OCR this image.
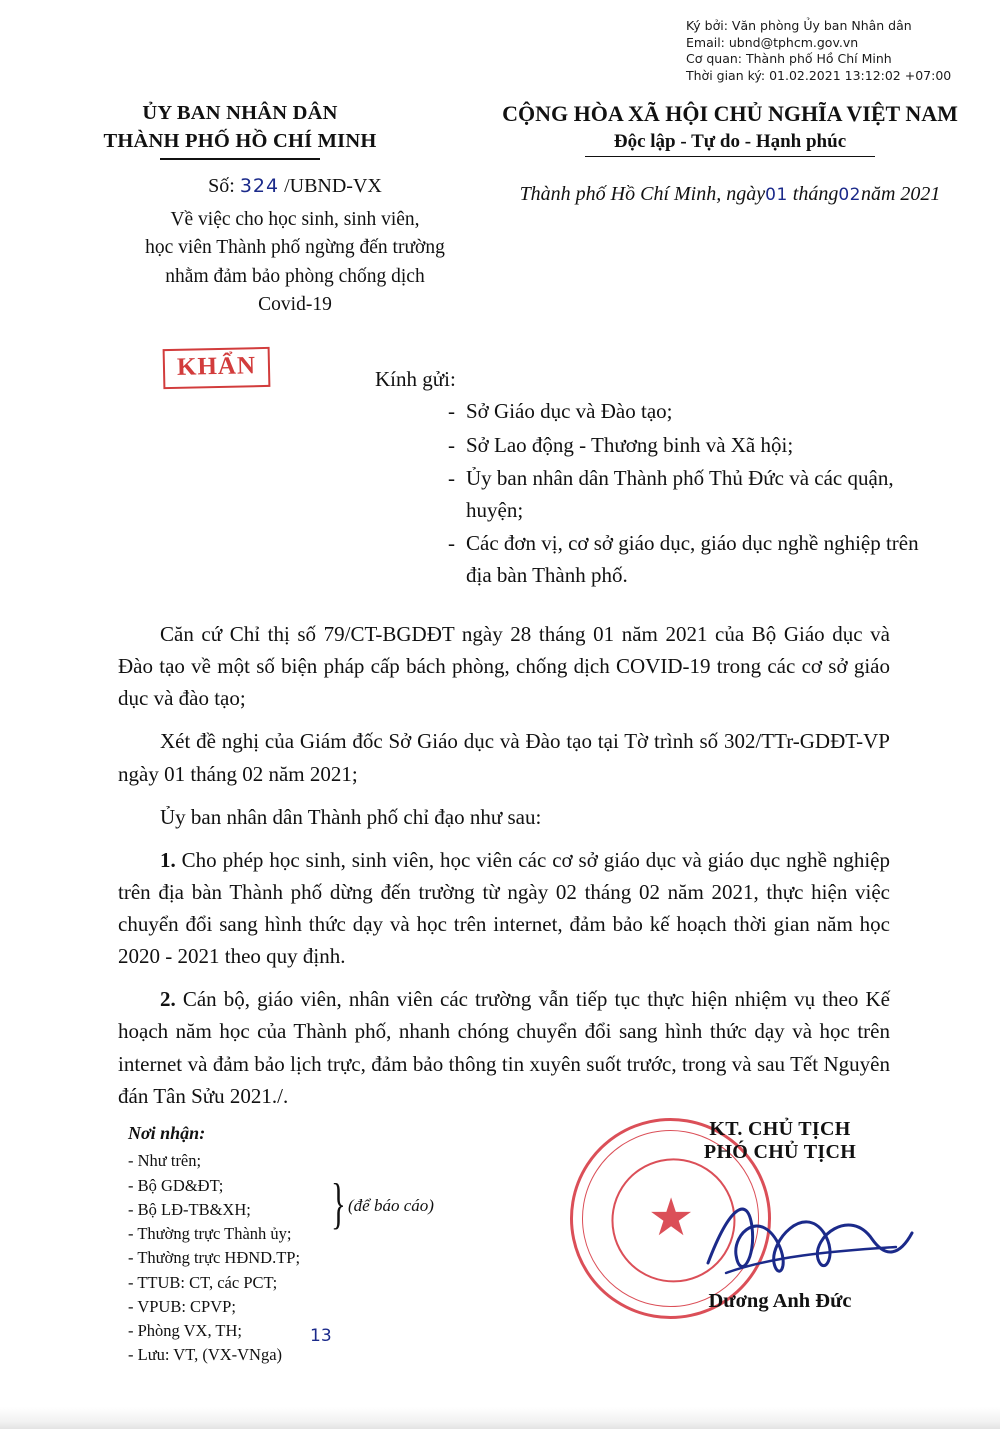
Ký bởi: Văn phòng Ủy ban Nhân dân
Email: ubnd@tphcm.gov.vn
Cơ quan: Thành phố Hồ Chí Minh
Thời gian ký: 01.02.2021 13:12:02 +07:00
ỦY BAN NHÂN DÂN
THÀNH PHỐ HỒ CHÍ MINH
CỘNG HÒA XÃ HỘI CHỦ NGHĨA VIỆT NAM
Độc lập - Tự do - Hạnh phúc
Số: 324 /UBND-VX
Về việc cho học sinh, sinh viên,
học viên Thành phố ngừng đến trường
nhằm đảm bảo phòng chống dịch
Covid-19
Thành phố Hồ Chí Minh, ngày01 tháng02năm 2021
KHẨN	Kính gửi:
- Sở Giáo dục và Đào tạo;
- Sở Lao động - Thương binh và Xã hội;
- Ủy ban nhân dân Thành phố Thủ Đức và các quận, huyện;
- Các đơn vị, cơ sở giáo dục, giáo dục nghề nghiệp trên địa bàn Thành phố.

Căn cứ Chỉ thị số 79/CT-BGDĐT ngày 28 tháng 01 năm 2021 của Bộ Giáo dục và Đào tạo về một số biện pháp cấp bách phòng, chống dịch COVID-19 trong các cơ sở giáo dục và đào tạo;

Xét đề nghị của Giám đốc Sở Giáo dục và Đào tạo tại Tờ trình số 302/TTr-GDĐT-VP ngày 01 tháng 02 năm 2021;

Ủy ban nhân dân Thành phố chỉ đạo như sau:

1. Cho phép học sinh, sinh viên, học viên các cơ sở giáo dục và giáo dục nghề nghiệp trên địa bàn Thành phố dừng đến trường từ ngày 02 tháng 02 năm 2021, thực hiện việc chuyển đổi sang hình thức dạy và học trên internet, đảm bảo kế hoạch thời gian năm học 2020 - 2021 theo quy định.

2. Cán bộ, giáo viên, nhân viên các trường vẫn tiếp tục thực hiện nhiệm vụ theo Kế hoạch năm học của Thành phố, nhanh chóng chuyển đổi sang hình thức dạy và học trên internet và đảm bảo lịch trực, đảm bảo thông tin xuyên suốt trước, trong và sau Tết Nguyên đán Tân Sửu 2021./.

Nơi nhận:
- Như trên;
- Bộ GD&ĐT;
- Bộ LĐ-TB&XH;
- Thường trực Thành ủy;
- Thường trực HĐND.TP;
- TTUB: CT, các PCT;
- VPUB: CPVP;
- Phòng VX, TH;
- Lưu: VT, (VX-VNga)
} (để báo cáo)
13
★
KT. CHỦ TỊCH
PHÓ CHỦ TỊCH
Dương Anh Đức
